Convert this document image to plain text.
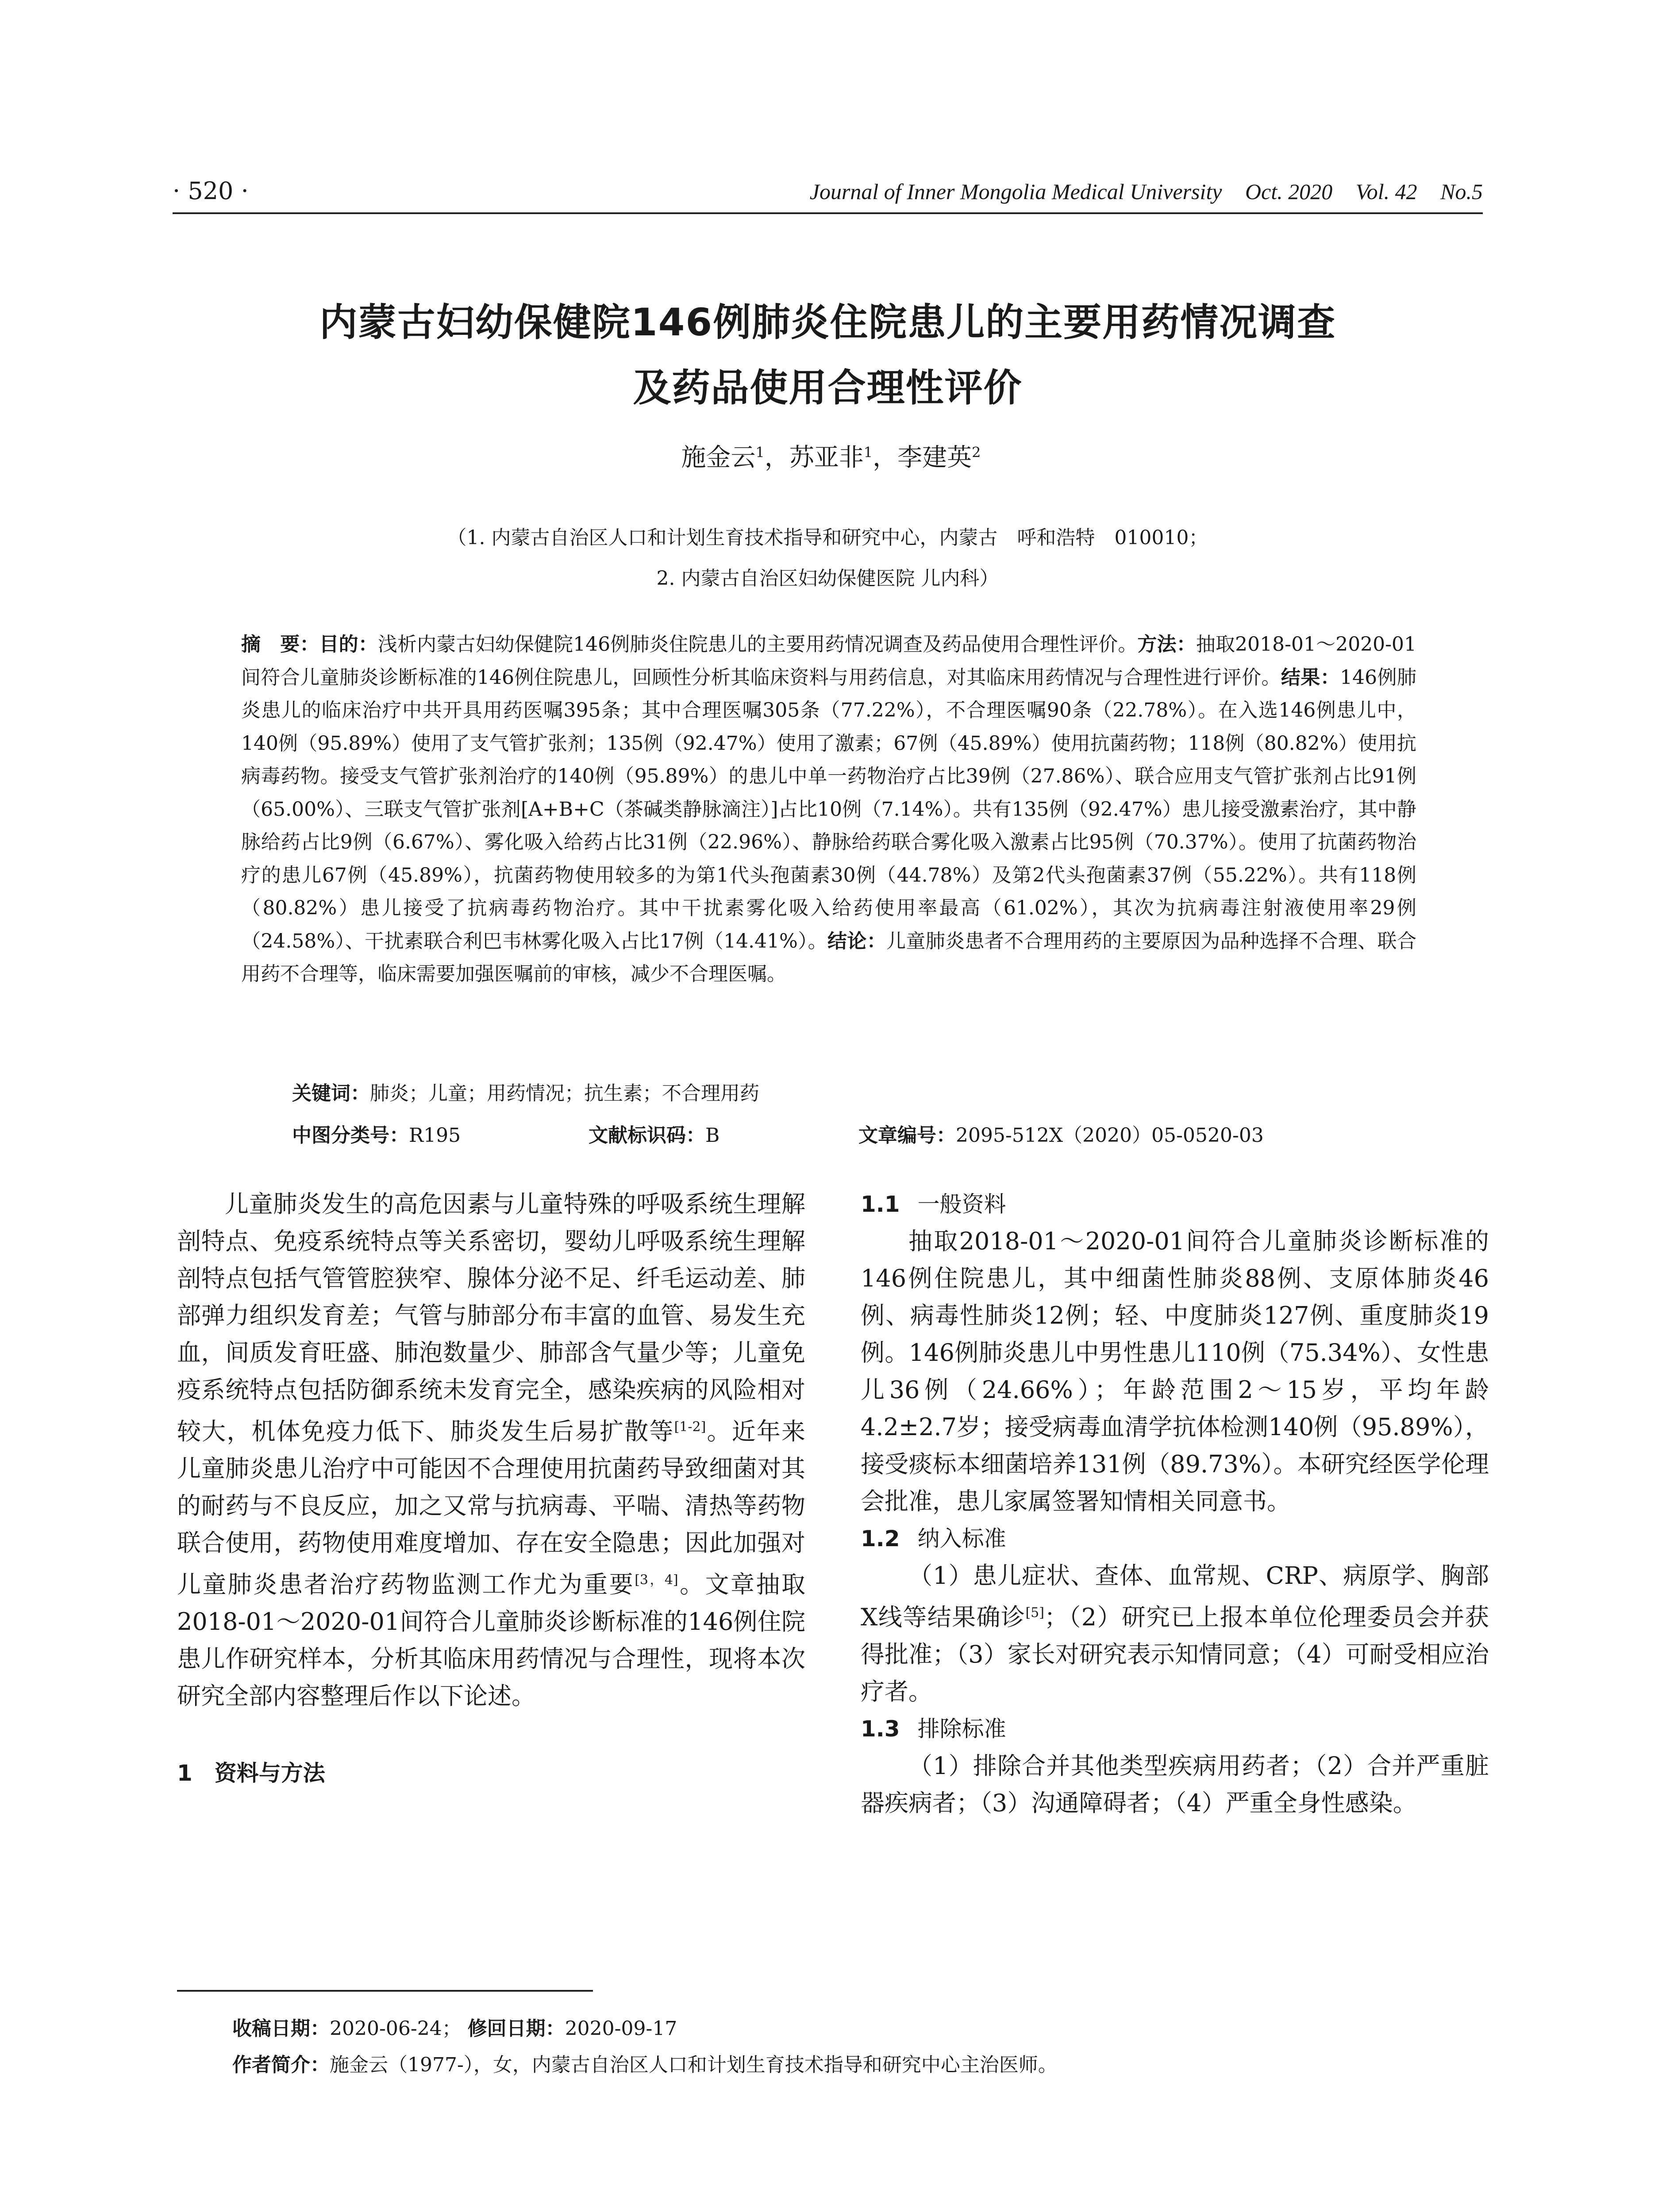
· 520 ·	Journal of Inner Mongolia Medical University Oct. 2020 Vol. 42 No.5
内蒙古妇幼保健院146例肺炎住院患儿的主要用药情况调查
及药品使用合理性评价
施金云$^1$，苏亚非$^1$，李建英$^2$
（1. 内蒙古自治区人口和计划生育技术指导和研究中心，内蒙古　呼和浩特　010010；
2. 内蒙古自治区妇幼保健医院 儿内科）
摘　要：目的：浅析内蒙古妇幼保健院146例肺炎住院患儿的主要用药情况调查及药品使用合理性评价。方法：抽取2018-01～2020-01间符合儿童肺炎诊断标准的146例住院患儿，回顾性分析其临床资料与用药信息，对其临床用药情况与合理性进行评价。结果：146例肺炎患儿的临床治疗中共开具用药医嘱395条；其中合理医嘱305条（77.22%），不合理医嘱90条（22.78%）。在入选146例患儿中，140例（95.89%）使用了支气管扩张剂；135例（92.47%）使用了激素；67例（45.89%）使用抗菌药物；118例（80.82%）使用抗病毒药物。接受支气管扩张剂治疗的140例（95.89%）的患儿中单一药物治疗占比39例（27.86%）、联合应用支气管扩张剂占比91例（65.00%）、三联支气管扩张剂[A+B+C（茶碱类静脉滴注）]占比10例（7.14%）。共有135例（92.47%）患儿接受激素治疗，其中静脉给药占比9例（6.67%）、雾化吸入给药占比31例（22.96%）、静脉给药联合雾化吸入激素占比95例（70.37%）。使用了抗菌药物治疗的患儿67例（45.89%），抗菌药物使用较多的为第1代头孢菌素30例（44.78%）及第2代头孢菌素37例（55.22%）。共有118例（80.82%）患儿接受了抗病毒药物治疗。其中干扰素雾化吸入给药使用率最高（61.02%），其次为抗病毒注射液使用率29例（24.58%）、干扰素联合利巴韦林雾化吸入占比17例（14.41%）。结论：儿童肺炎患者不合理用药的主要原因为品种选择不合理、联合用药不合理等，临床需要加强医嘱前的审核，减少不合理医嘱。
关键词：肺炎；儿童；用药情况；抗生素；不合理用药
中图分类号：R195	文献标识码：B	文章编号：2095-512X（2020）05-0520-03

儿童肺炎发生的高危因素与儿童特殊的呼吸系统生理解剖特点、免疫系统特点等关系密切，婴幼儿呼吸系统生理解剖特点包括气管管腔狭窄、腺体分泌不足、纤毛运动差、肺部弹力组织发育差；气管与肺部分布丰富的血管、易发生充血，间质发育旺盛、肺泡数量少、肺部含气量少等；儿童免疫系统特点包括防御系统未发育完全，感染疾病的风险相对较大，机体免疫力低下、肺炎发生后易扩散等[1-2]。近年来儿童肺炎患儿治疗中可能因不合理使用抗菌药导致细菌对其的耐药与不良反应，加之又常与抗病毒、平喘、清热等药物联合使用，药物使用难度增加、存在安全隐患；因此加强对儿童肺炎患者治疗药物监测工作尤为重要[3，4]。文章抽取2018-01～2020-01间符合儿童肺炎诊断标准的146例住院患儿作研究样本，分析其临床用药情况与合理性，现将本次研究全部内容整理后作以下论述。

1　资料与方法
1.1 一般资料

抽取2018-01～2020-01间符合儿童肺炎诊断标准的146例住院患儿，其中细菌性肺炎88例、支原体肺炎46例、病毒性肺炎12例；轻、中度肺炎127例、重度肺炎19例。146例肺炎患儿中男性患儿110例（75.34%）、女性患儿36例（24.66%）；年龄范围2～15岁，平均年龄4.2±2.7岁；接受病毒血清学抗体检测140例（95.89%），接受痰标本细菌培养131例（89.73%）。本研究经医学伦理会批准，患儿家属签署知情相关同意书。

1.2 纳入标准

（1）患儿症状、查体、血常规、CRP、病原学、胸部X线等结果确诊[5]；（2）研究已上报本单位伦理委员会并获得批准；（3）家长对研究表示知情同意；（4）可耐受相应治疗者。

1.3 排除标准

（1）排除合并其他类型疾病用药者；（2）合并严重脏器疾病者；（3）沟通障碍者；（4）严重全身性感染。

收稿日期：2020-06-24； 修回日期：2020-09-17
作者简介：施金云（1977-），女，内蒙古自治区人口和计划生育技术指导和研究中心主治医师。
